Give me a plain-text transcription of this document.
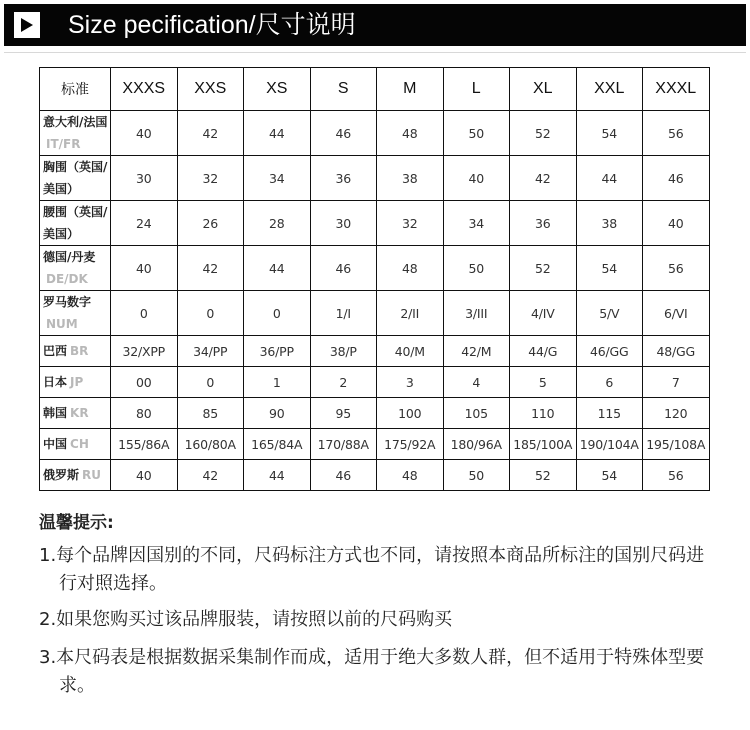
Size pecification/尺寸说明
标准	XXXS	XXS	XS	S	M	L	XL	XXL	XXXL
意大利/法国IT/FR	40	42	44	46	48	50	52	54	56
胸围（英国/美国）	30	32	34	36	38	40	42	44	46
腰围（英国/美国）	24	26	28	30	32	34	36	38	40
德国/丹麦DE/DK	40	42	44	46	48	50	52	54	56
罗马数字NUM	0	0	0	1/I	2/II	3/III	4/IV	5/V	6/VI
巴西 BR	32/XPP	34/PP	36/PP	38/P	40/M	42/M	44/G	46/GG	48/GG
日本 JP	00	0	1	2	3	4	5	6	7
韩国 KR	80	85	90	95	100	105	110	115	120
中国 CH	155/86A	160/80A	165/84A	170/88A	175/92A	180/96A	185/100A	190/104A	195/108A
俄罗斯 RU	40	42	44	46	48	50	52	54	56
温馨提示:
1.每个品牌因国别的不同，尺码标注方式也不同，请按照本商品所标注的国别尺码进行对照选择。
2.如果您购买过该品牌服装，请按照以前的尺码购买
3.本尺码表是根据数据采集制作而成，适用于绝大多数人群，但不适用于特殊体型要求。
